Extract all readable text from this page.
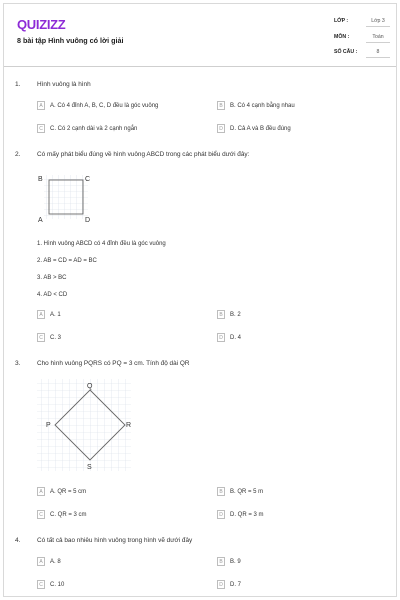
QUIZIZZ
8 bài tập Hình vuông có lời giải
LỚP :	Lớp 3
MÔN :	Toán
SỐ CÂU :	8
1.	Hình vuông là hình
A	A. Có 4 đỉnh A, B, C, D đều là góc vuông	B	B. Có 4 cạnh bằng nhau
C	C. Có 2 cạnh dài và 2 cạnh ngắn	D	D. Cả A và B đều đúng
2.	Có mấy phát biểu đúng về hình vuông ABCD trong các phát biểu dưới đây:
B	C
A	D
1. Hình vuông ABCD có 4 đỉnh đều là góc vuông
2. AB = CD = AD = BC
3. AB > BC
4. AD < CD
A	A. 1	B	B. 2
C	C. 3	D	D. 4
3.	Cho hình vuông PQRS có PQ = 3 cm. Tính độ dài QR
Q
P	R
S
A	A. QR = 5 cm	B	B. QR = 5 m
C	C. QR = 3 cm	D	D. QR = 3 m
4.	Có tất cả bao nhiêu hình vuông trong hình vẽ dưới đây
A	A. 8	B	B. 9
C	C. 10	D	D. 7
